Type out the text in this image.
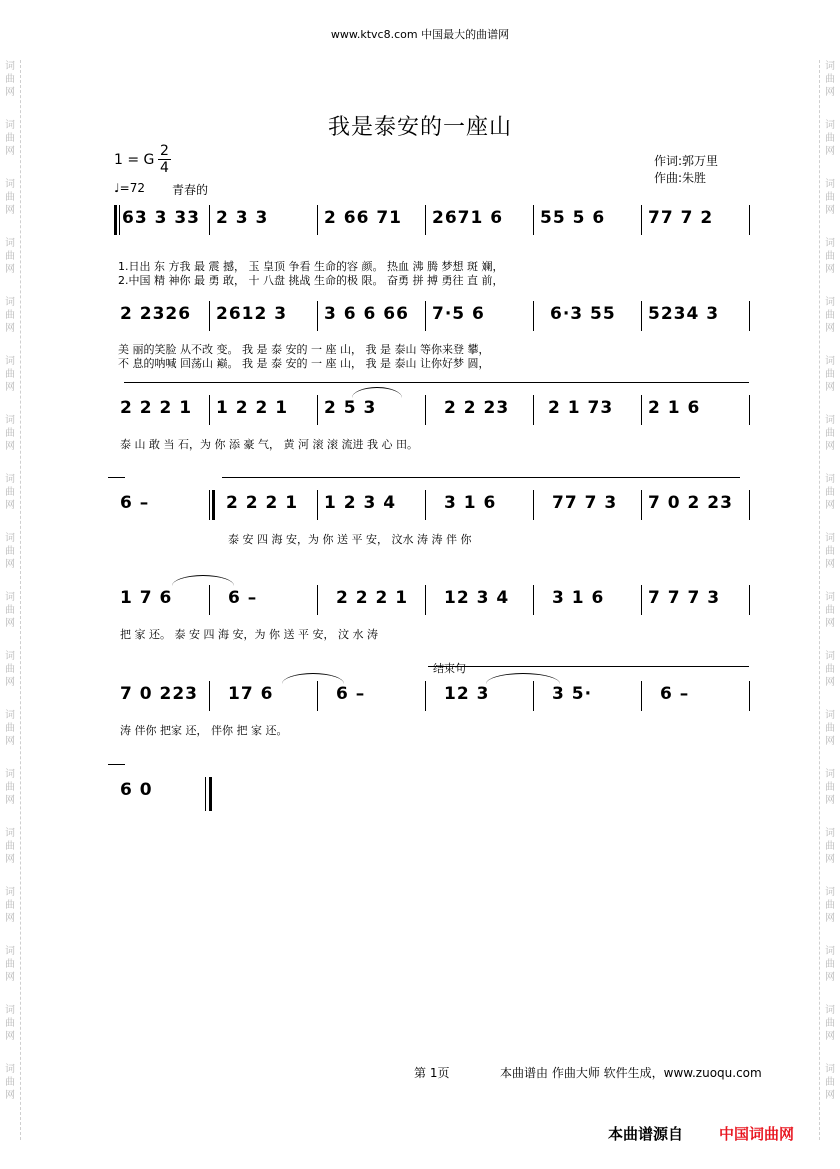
www.ktvc8.com 中国最大的曲谱网
词
曲
网
词
曲
网
词
曲
网
词
曲
网
词
曲
网
词
曲
网
词
曲
网
词
曲
网
词
曲
网
词
曲
网
词
曲
网
词
曲
网
词
曲
网
词
曲
网
词
曲
网
词
曲
网
词
曲
网
词
曲
网
词
曲
网
词
曲
网
词
曲
网
词
曲
网
词
曲
网
词
曲
网
词
曲
网
词
曲
网
词
曲
网
词
曲
网
词
曲
网
词
曲
网
词
曲
网
词
曲
网
词
曲
网
词
曲
网
词
曲
网
词
曲
网
我是泰安的一座山
1 = G $\frac{2}{4}$	作词:郭万里
作曲:朱胜
♩=72 青春的
63 3 33 2 3 3	2 66 71 2671 6 55 5 6	77 7 2
1.日出 东 方我 最 震 撼， 玉 皇顶 争看 生命的容 颜。 热血 沸 腾 梦想 斑 斓，
2.中国 精 神你 最 勇 敢， 十 八盘 挑战 生命的极 限。 奋勇 拼 搏 勇往 直 前，
2 2326 2612 3 3 6 6 66 7·5 6	6·3 55 5234 3
美 丽的笑脸 从不改 变。 我 是 泰 安的 一 座 山， 我 是 泰山 等你来登 攀，
不 息的呐喊 回荡山 巅。 我 是 泰 安的 一 座 山， 我 是 泰山 让你好梦 圆，
2 2 2 1 1 2 2 1 2 5 3	2 2 23 2 1 73 2 1 6
泰 山 敢 当 石，为 你 添 豪 气， 黄 河 滚 滚 流进 我 心 田。
6 –	2 2 2 1 1 2 3 4	3 1 6	77 7 3 7 0 2 23
泰 安 四 海 安，为 你 送 平 安， 汶水 涛 涛 伴 你
1 7 6	6 –	2 2 2 1 12 3 4	3 1 6	7 7 7 3
把 家 还。 泰 安 四 海 安，为 你 送 平 安， 汶 水 涛
结束句
7 0 223 17 6	6 –	12 3	3 5·	6 –
涛 伴你 把家 还， 伴你 把 家 还。
6 0
第 1页	本曲谱由 作曲大师 软件生成，www.zuoqu.com
本曲谱源自 中国词曲网
